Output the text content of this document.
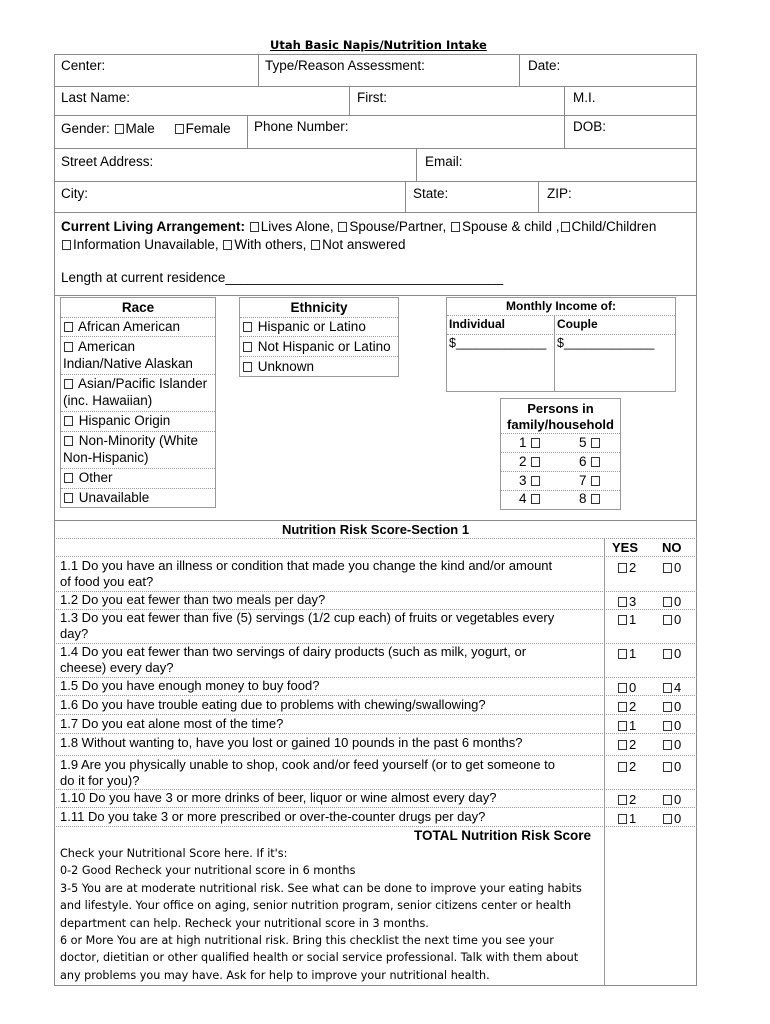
Utah Basic Napis/Nutrition Intake
Center:	Type/Reason Assessment:	Date:
Last Name:	First:	M.I.
Gender: Male Female Phone Number:	DOB:
Street Address:	Email:
City:	State:	ZIP:
Current Living Arrangement: Lives Alone, Spouse/Partner, Spouse & child , Child/Children
Information Unavailable, With others, Not answered
Length at current residence_____________________________________
Race
African American
American
Indian/Native Alaskan
Asian/Pacific Islander
(inc. Hawaiian)
Hispanic Origin
Non-Minority (White
Non-Hispanic)
Other
Unavailable
Ethnicity
Hispanic or Latino
Not Hispanic or Latino
Unknown
Monthly Income of:
Individual	Couple
$_____________ $_____________
Persons in
family/household
1	5
2	6
3	7
4	8
Nutrition Risk Score-Section 1
YES NO
1.1 Do you have an illness or condition that made you change the kind and/or amount
of food you eat?
2	0
1.2 Do you eat fewer than two meals per day?	3	0
1.3 Do you eat fewer than five (5) servings (1/2 cup each) of fruits or vegetables every
day?
1	0
1.4 Do you eat fewer than two servings of dairy products (such as milk, yogurt, or
cheese) every day?
1	0
1.5 Do you have enough money to buy food?	0	4
1.6 Do you have trouble eating due to problems with chewing/swallowing?	2	0
1.7 Do you eat alone most of the time?	1	0
1.8 Without wanting to, have you lost or gained 10 pounds in the past 6 months?	2	0
1.9 Are you physically unable to shop, cook and/or feed yourself (or to get someone to
do it for you)?
2	0
1.10 Do you have 3 or more drinks of beer, liquor or wine almost every day?	2	0
1.11 Do you take 3 or more prescribed or over-the-counter drugs per day?	1	0
TOTAL Nutrition Risk Score
Check your Nutritional Score here. If it's:
0-2 Good Recheck your nutritional score in 6 months
3-5 You are at moderate nutritional risk. See what can be done to improve your eating habits
and lifestyle. Your office on aging, senior nutrition program, senior citizens center or health
department can help. Recheck your nutritional score in 3 months.
6 or More You are at high nutritional risk. Bring this checklist the next time you see your
doctor, dietitian or other qualified health or social service professional. Talk with them about
any problems you may have. Ask for help to improve your nutritional health.
